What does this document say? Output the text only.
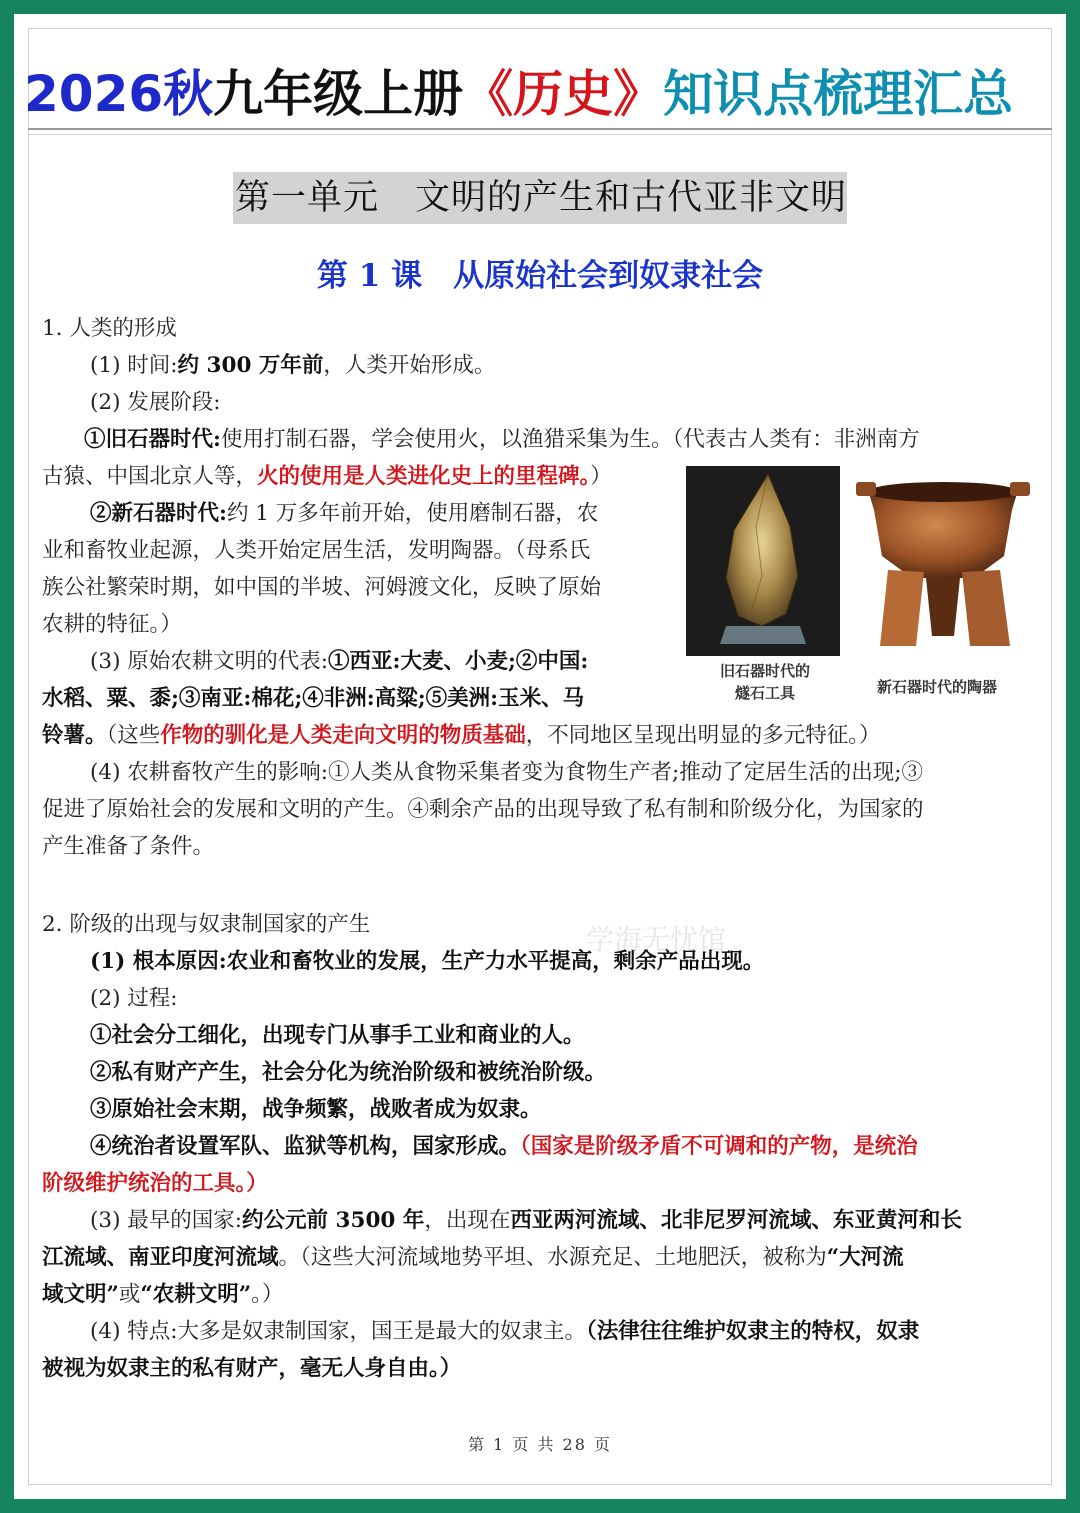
2026秋九年级上册《历史》知识点梳理汇总
第一单元　文明的产生和古代亚非文明
第 1 课　从原始社会到奴隶社会
1. 人类的形成
(1) 时间:约 300 万年前，人类开始形成。
(2) 发展阶段:
①旧石器时代:使用打制石器，学会使用火，以渔猎采集为生。（代表古人类有：非洲南方
古猿、中国北京人等，火的使用是人类进化史上的里程碑。）
②新石器时代:约 1 万多年前开始，使用磨制石器，农
业和畜牧业起源，人类开始定居生活，发明陶器。（母系氏
族公社繁荣时期，如中国的半坡、河姆渡文化，反映了原始
农耕的特征。）
(3) 原始农耕文明的代表:①西亚:大麦、小麦;②中国:
水稻、粟、黍;③南亚:棉花;④非洲:高粱;⑤美洲:玉米、马
铃薯。（这些作物的驯化是人类走向文明的物质基础，不同地区呈现出明显的多元特征。）
(4) 农耕畜牧产生的影响:①人类从食物采集者变为食物生产者;推动了定居生活的出现;③
促进了原始社会的发展和文明的产生。④剩余产品的出现导致了私有制和阶级分化，为国家的
产生准备了条件。
旧石器时代的
燧石工具	新石器时代的陶器
2. 阶级的出现与奴隶制国家的产生
(1) 根本原因:农业和畜牧业的发展，生产力水平提高，剩余产品出现。
(2) 过程:
①社会分工细化，出现专门从事手工业和商业的人。
②私有财产产生，社会分化为统治阶级和被统治阶级。
③原始社会末期，战争频繁，战败者成为奴隶。
④统治者设置军队、监狱等机构，国家形成。（国家是阶级矛盾不可调和的产物，是统治
阶级维护统治的工具。）
(3) 最早的国家:约公元前 3500 年，出现在西亚两河流域、北非尼罗河流域、东亚黄河和长
江流域、南亚印度河流域。（这些大河流域地势平坦、水源充足、土地肥沃，被称为“大河流
域文明”或“农耕文明”。）
(4) 特点:大多是奴隶制国家，国王是最大的奴隶主。（法律往往维护奴隶主的特权，奴隶
被视为奴隶主的私有财产，毫无人身自由。）
学海无忧馆
第 1 页 共 28 页
